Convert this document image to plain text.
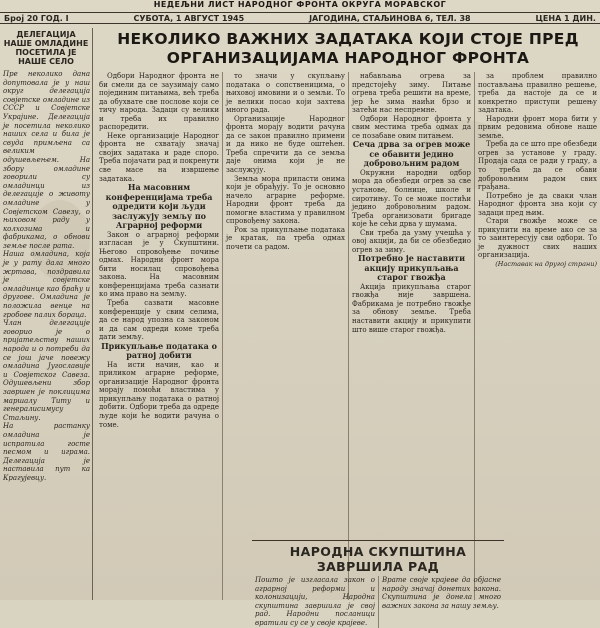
НЕДЕЉНИ ЛИСТ НАРОДНОГ ФРОНТА ОКРУГА МОРАВСКОГ
Број 20 ГОД. I	СУБОТА, 1 АВГУСТ 1945	ЈАГОДИНА, СТАЉИНОВА 6, ТЕЛ. 38	ЦЕНА 1 ДИН.
ДЕЛЕГАЦИЈА НАШЕ ОМЛАДИНЕ ПОСЕТИЛА ЈЕ НАШЕ СЕЛО

Пре неколико дана допутовала је у наш округ делегација совјетске омладине из СССР и Совјетске Украјине. Делегација је посетила неколико наших села и била је свуда примљена са великим одушевљењем. На збору омладине говорили су омладинци из делегације о животу омладине у Совјетском Савезу, о њиховом раду у колхозима и фабрикама, о обнови земље после рата.

Наша омладина, која је у рату дала много жртава, поздравила је совјетске омладинце као браћу и другове. Омладина је положила венце на гробове палих бораца.

Члан делегације говорио је о пријатељству наших народа и о потреби да се још јаче повежу омладина Југославије и Совјетског Савеза. Одушевљени збор завршен је поклицима маршалу Титу и генералисимусу Стаљину.

На растанку омладина је испратила госте песмом и играма. Делегација је наставила пут ка Крагујевцу.

НЕКОЛИКО ВАЖНИХ ЗАДАТАКА КОЈИ СТОЈЕ ПРЕД
ОРГАНИЗАЦИЈАМА НАРОДНОГ ФРОНТА

Одбори Народног фронта не би смели да се заузимају само појединим питањима, већ треба да обухвате све послове који се тичу народа. Задаци су велики и треба их правилно распоредити.

Неке организације Народног фронта не схватају значај својих задатака и раде споро. Треба појачати рад и покренути све масе на извршење задатака.

На масовним конференцијама треба одредити који људи заслужују земљу по Аграрној реформи

Закон о аграрној реформи изгласан је у Скупштини. Његово спровођење почиње одмах. Народни фронт мора бити носилац спровођења закона. На масовним конференцијама треба сазнати ко има право на земљу.

Треба сазвати масовне конференције у свим селима, да се народ упозна са законом и да сам одреди коме треба дати земљу.

Прикупљање података о ратној добити

На исти начин, као и приликом аграрне реформе, организације Народног фронта морају помоћи властима у прикупљању података о ратној добити. Одбори треба да одреде људе који ће водити рачуна о томе.

то значи у скупљању података о сопственицима, о њиховој имовини и о земљи. То је велики посао који захтева много рада.

Организације Народног фронта морају водити рачуна да се закон правилно примени и да нико не буде оштећен. Треба спречити да се земља даје онима који је не заслужују.

Земља мора припасти онима који је обрађују. То је основно начело аграрне реформе. Народни фронт треба да помогне властима у правилном спровођењу закона.

Рок за прикупљање података је кратак, па треба одмах почети са радом.

набављања огрева за предстојећу зиму. Питање огрева треба решити на време, јер ће зима наићи брзо и затећи нас неспремне.

Одбори Народног фронта у свим местима треба одмах да се позабаве овим питањем.

Сеча дрва за огрев може се обавити једино добровољним радом

Окружни народни одбор мора да обезбеди огрев за све установе, болнице, школе и сиротињу. То се може постићи једино добровољним радом. Треба организовати бригаде које ће сећи дрва у шумама.

Сви треба да узму учешћа у овој акцији, да би се обезбедио огрев за зиму.

Потребно је наставити акцију прикупљања старог гвожђа

Акција прикупљања старог гвожђа није завршена. Фабрикама је потребно гвожђе за обнову земље. Треба наставити акцију и прикупити што више старог гвожђа.

за проблем правилно постављања правилно решење, треба да настоје да се и конкретно приступи решењу задатака.

Народни фронт мора бити у првим редовима обнове наше земље.

Треба да се што пре обезбеди огрев за установе у граду. Продаја сада се ради у граду, а то треба да се обави добровољним радом свих грађана.

Потребно је да сваки члан Народног фронта зна који су задаци пред њим.

Стари гвожђе може се прикупити на време ако се за то заинтересују сви одбори. То је дужност свих наших организација.

(Наставак на другој страни)

НАРОДНА СКУПШТИНА ЗАВРШИЛА РАД
Пошто је изгласала закон о аграрној реформи и колонизацији, Народна скупштина завршила је свој рад. Народни посланици вратили су се у своје крајеве.
Врате своје крајеве да објасне народу значај донетих закона. Скупштина је донела много важних закона за нашу земљу.
